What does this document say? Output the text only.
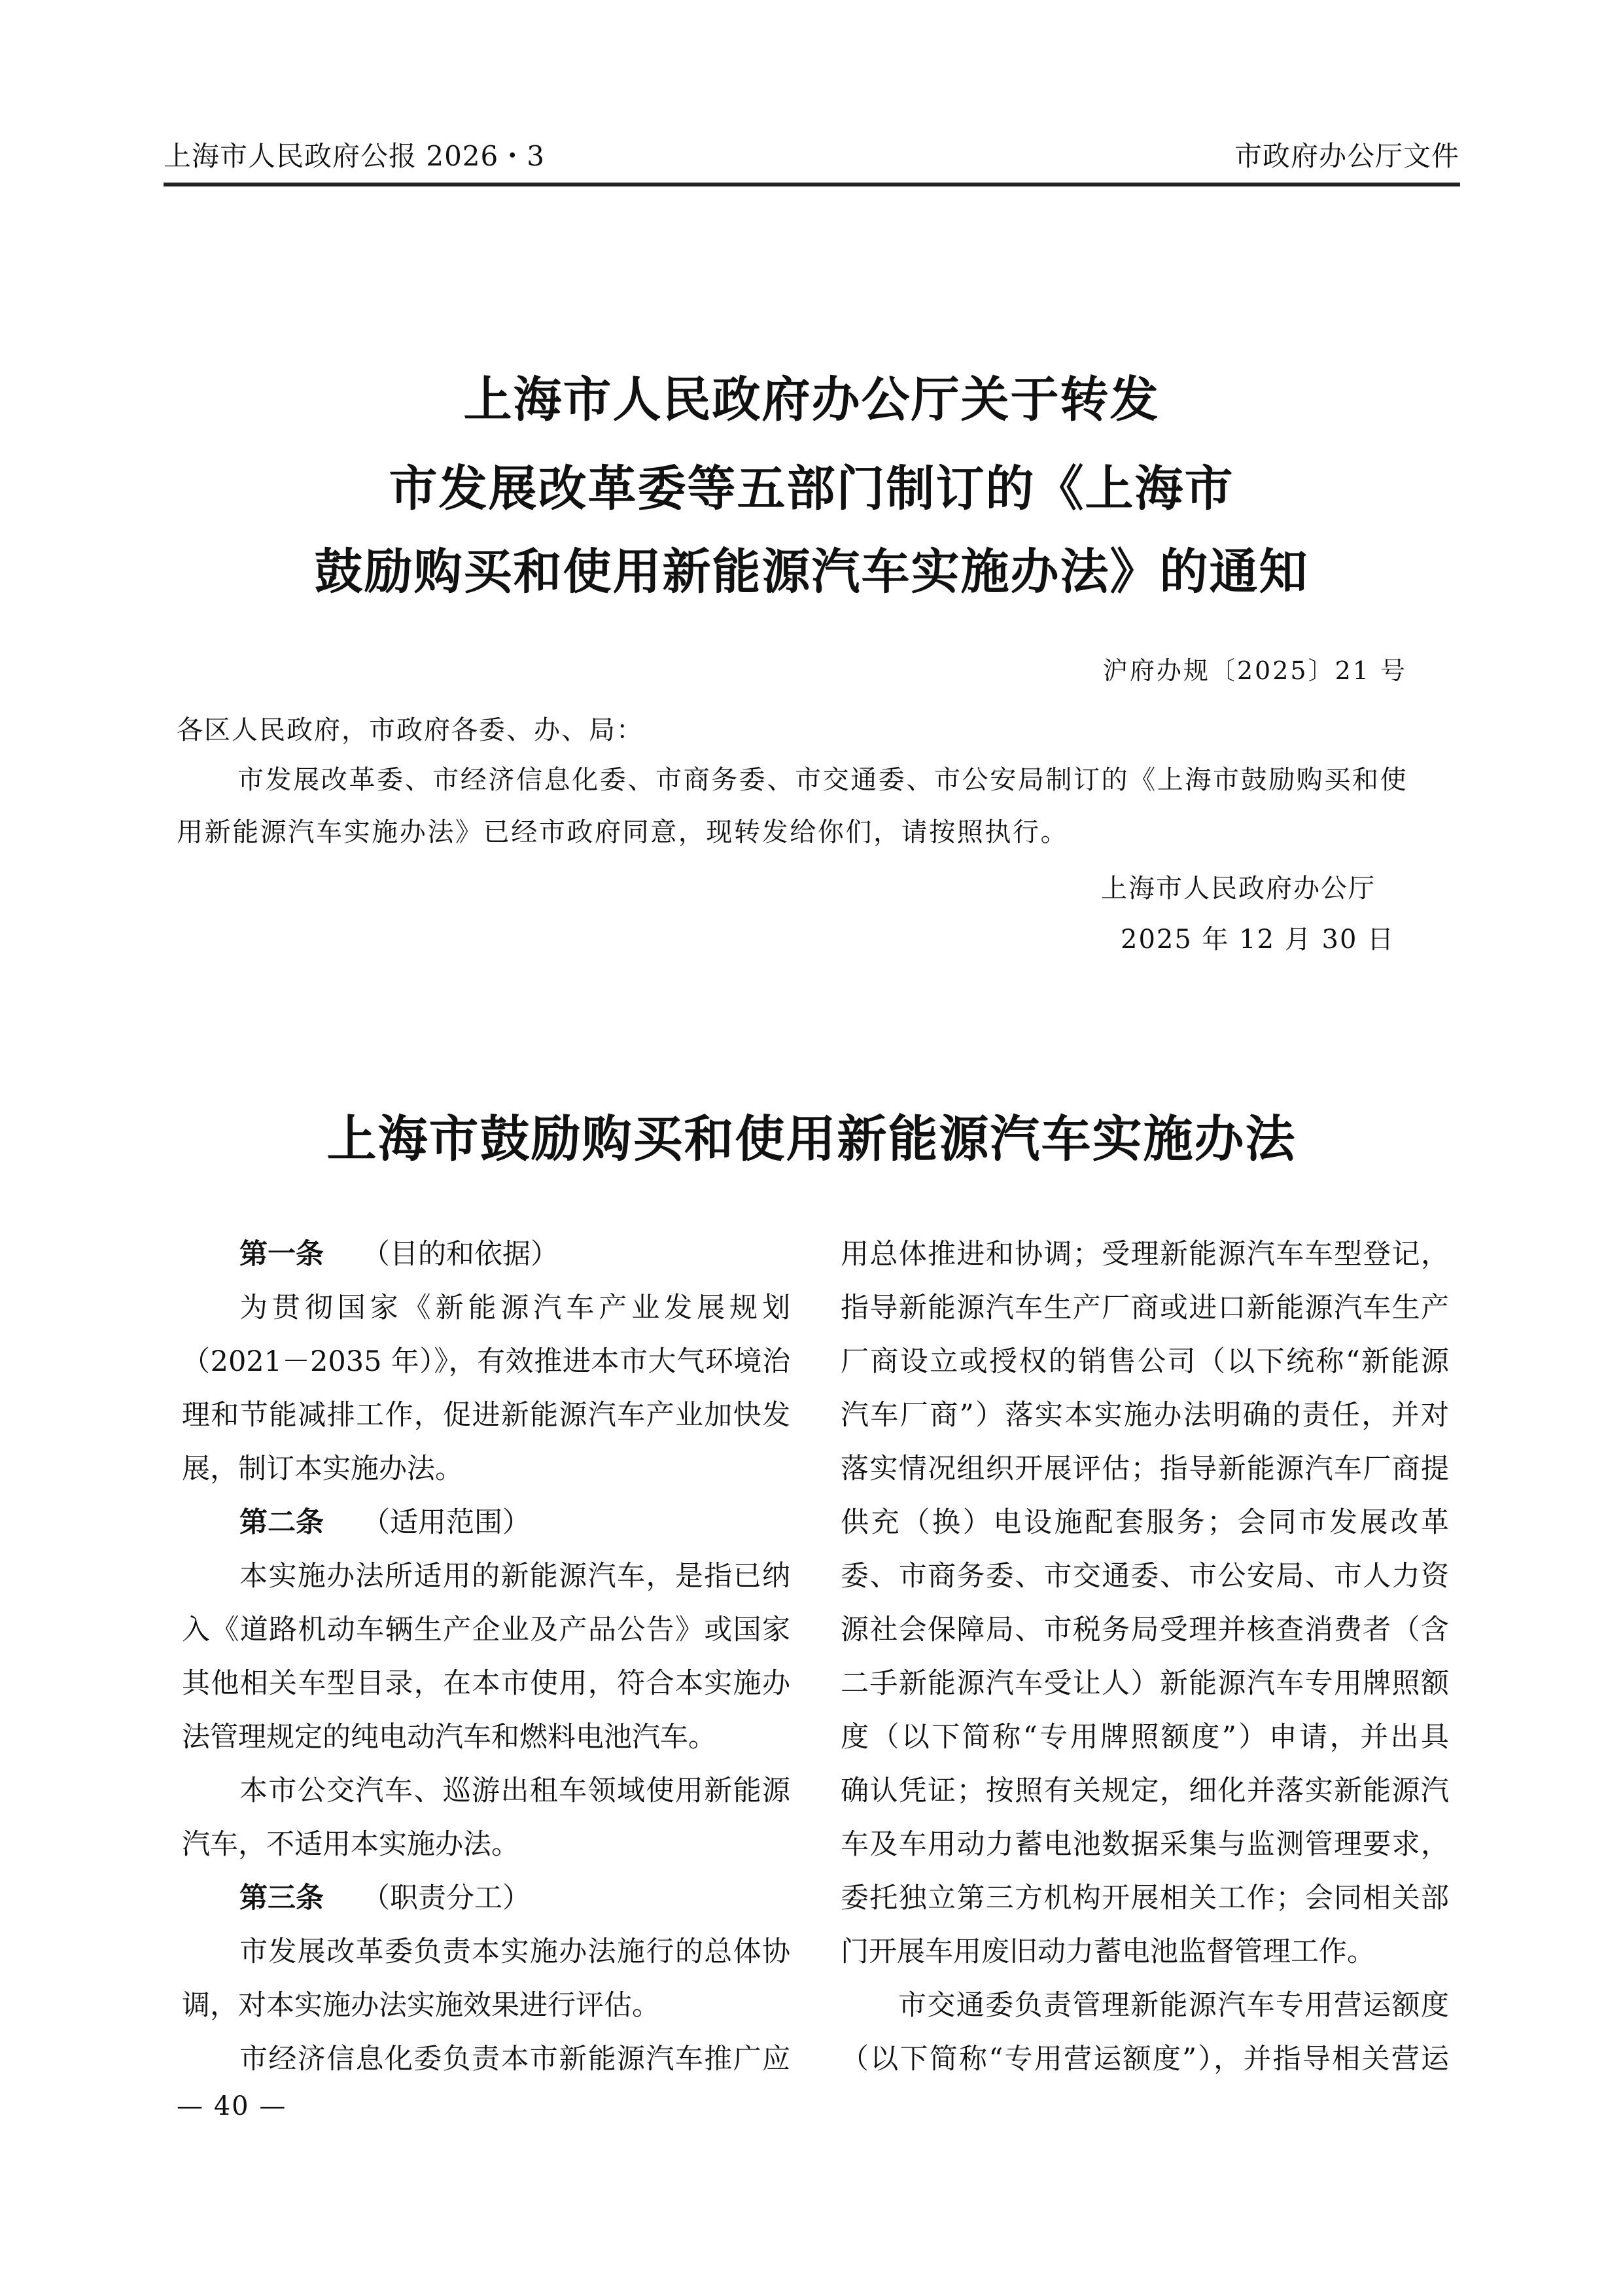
上海市人民政府公报 2026・3	市政府办公厅文件
上海市人民政府办公厅关于转发
市发展改革委等五部门制订的《上海市
鼓励购买和使用新能源汽车实施办法》的通知
沪府办规〔2025〕21 号
各区人民政府，市政府各委、办、局：
市发展改革委、市经济信息化委、市商务委、市交通委、市公安局制订的《上海市鼓励购买和使
用新能源汽车实施办法》已经市政府同意，现转发给你们，请按照执行。
上海市人民政府办公厅
2025 年 12 月 30 日
上海市鼓励购买和使用新能源汽车实施办法
第一条 （目的和依据）
为贯彻国家《新能源汽车产业发展规划
（2021－2035 年）》，有效推进本市大气环境治
理和节能减排工作，促进新能源汽车产业加快发
展，制订本实施办法。
第二条 （适用范围）
本实施办法所适用的新能源汽车，是指已纳
入《道路机动车辆生产企业及产品公告》或国家
其他相关车型目录，在本市使用，符合本实施办
法管理规定的纯电动汽车和燃料电池汽车。
本市公交汽车、巡游出租车领域使用新能源
汽车，不适用本实施办法。
第三条 （职责分工）
市发展改革委负责本实施办法施行的总体协
调，对本实施办法实施效果进行评估。
市经济信息化委负责本市新能源汽车推广应
用总体推进和协调；受理新能源汽车车型登记，
指导新能源汽车生产厂商或进口新能源汽车生产
厂商设立或授权的销售公司（以下统称“新能源
汽车厂商”）落实本实施办法明确的责任，并对
落实情况组织开展评估；指导新能源汽车厂商提
供充（换）电设施配套服务；会同市发展改革
委、市商务委、市交通委、市公安局、市人力资
源社会保障局、市税务局受理并核查消费者（含
二手新能源汽车受让人）新能源汽车专用牌照额
度（以下简称“专用牌照额度”）申请，并出具
确认凭证；按照有关规定，细化并落实新能源汽
车及车用动力蓄电池数据采集与监测管理要求，
委托独立第三方机构开展相关工作；会同相关部
门开展车用废旧动力蓄电池监督管理工作。
市交通委负责管理新能源汽车专用营运额度
（以下简称“专用营运额度”），并指导相关营运
— 40 —
